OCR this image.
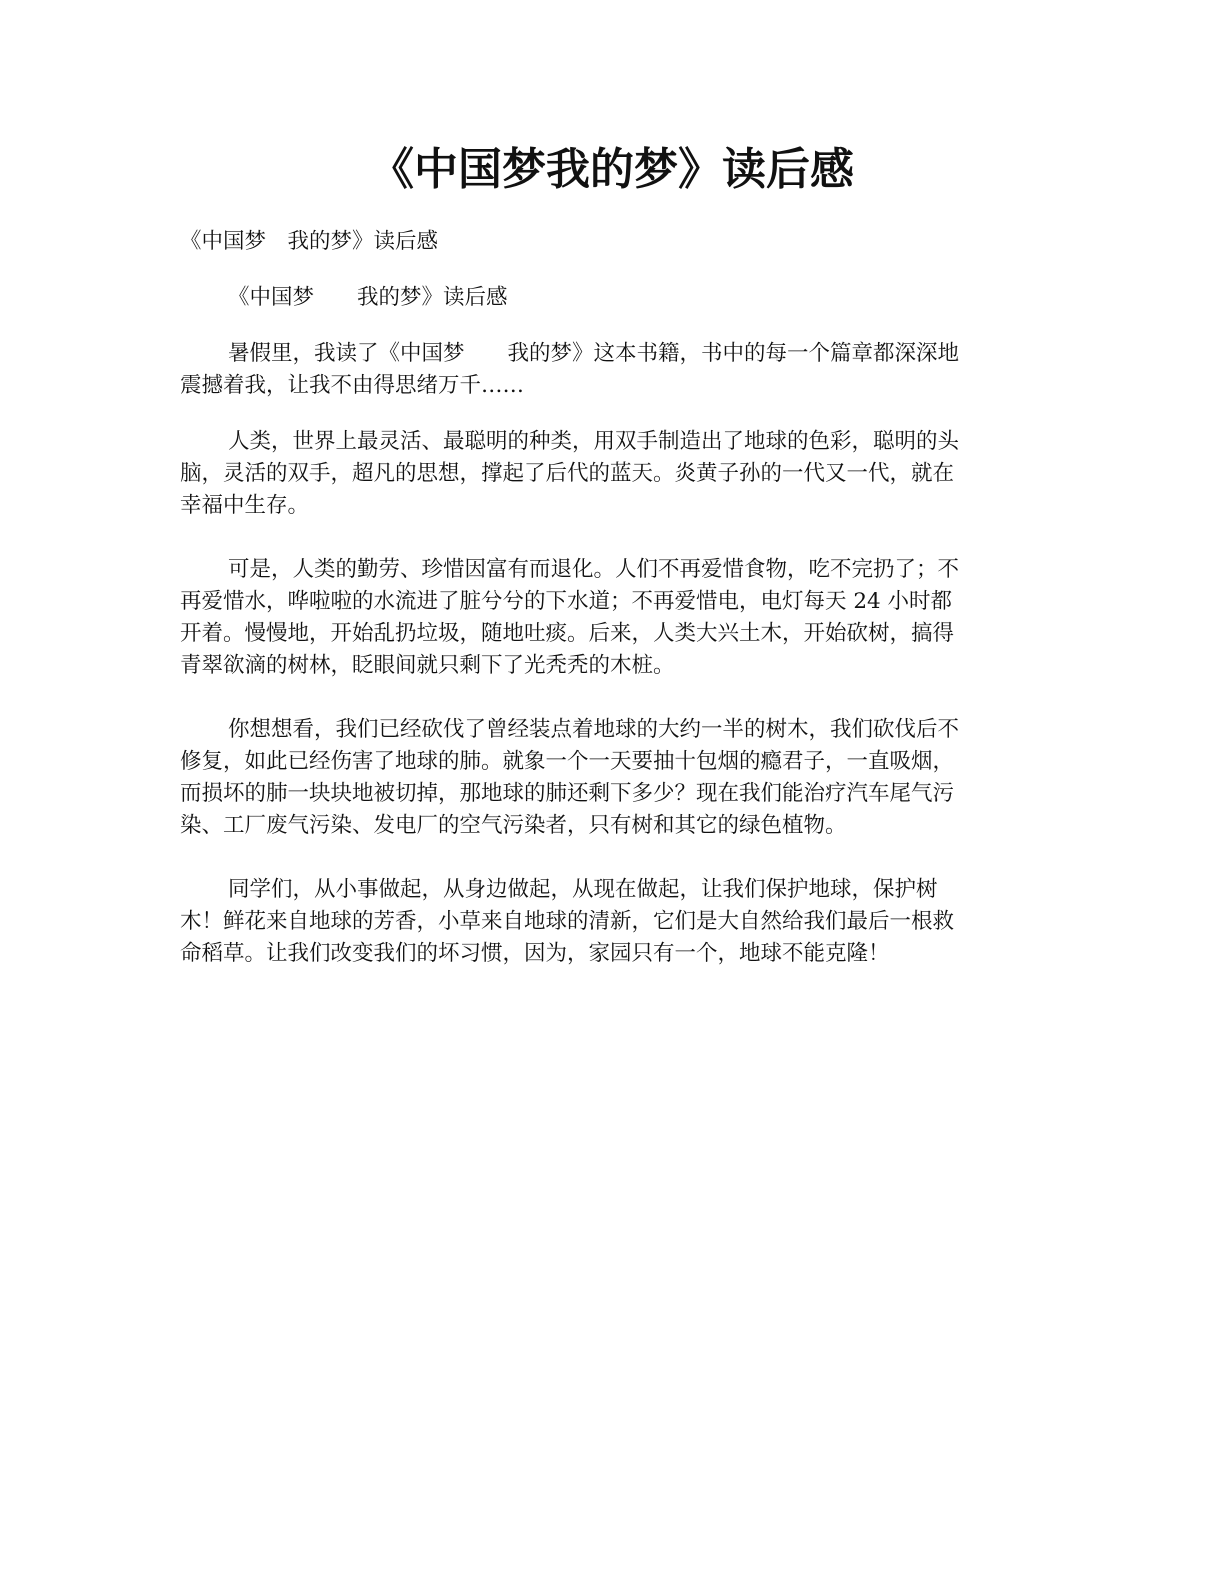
《中国梦我的梦》读后感

《中国梦　我的梦》读后感

《中国梦　　我的梦》读后感

暑假里，我读了《中国梦　　我的梦》这本书籍，书中的每一个篇章都深深地
震撼着我，让我不由得思绪万千……
人类，世界上最灵活、最聪明的种类，用双手制造出了地球的色彩，聪明的头
脑，灵活的双手，超凡的思想，撑起了后代的蓝天。炎黄子孙的一代又一代，就在
幸福中生存。
可是，人类的勤劳、珍惜因富有而退化。人们不再爱惜食物，吃不完扔了；不
再爱惜水，哗啦啦的水流进了脏兮兮的下水道；不再爱惜电，电灯每天 24 小时都
开着。慢慢地，开始乱扔垃圾，随地吐痰。后来，人类大兴土木，开始砍树，搞得
青翠欲滴的树林，眨眼间就只剩下了光秃秃的木桩。
你想想看，我们已经砍伐了曾经装点着地球的大约一半的树木，我们砍伐后不
修复，如此已经伤害了地球的肺。就象一个一天要抽十包烟的瘾君子，一直吸烟，
而损坏的肺一块块地被切掉，那地球的肺还剩下多少？现在我们能治疗汽车尾气污
染、工厂废气污染、发电厂的空气污染者，只有树和其它的绿色植物。
同学们，从小事做起，从身边做起，从现在做起，让我们保护地球，保护树
木！鲜花来自地球的芳香，小草来自地球的清新，它们是大自然给我们最后一根救
命稻草。让我们改变我们的坏习惯，因为，家园只有一个，地球不能克隆！
